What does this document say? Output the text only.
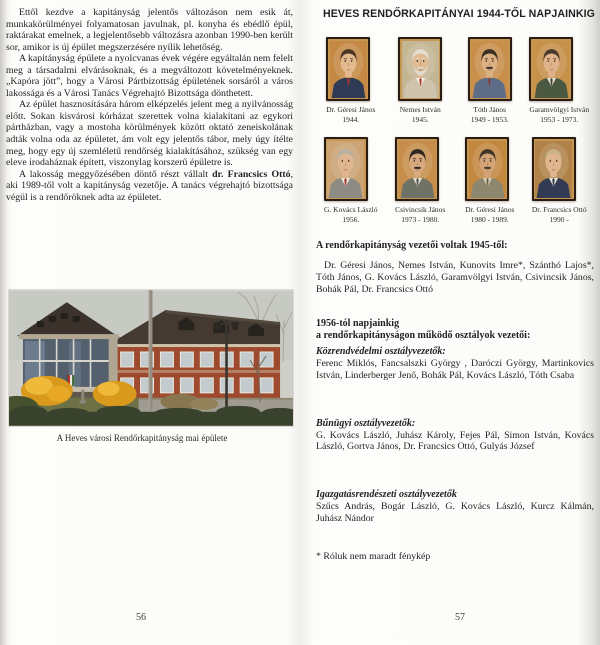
Ettől kezdve a kapitányság jelentős változáson nem esik át, munkakörülményei folyamatosan javulnak, pl. konyha és ebédlő épül, raktárakat emelnek, a legjelentősebb változásra azonban 1990-ben került sor, amikor is új épület megszerzésére nyílik lehetőség.

A kapitányság épülete a nyolcvanas évek végére egyáltalán nem felelt meg a társadalmi elvárásoknak, és a megváltozott követelményeknek. „Kapóra jött”, hogy a Városi Pártbizottság épületének sorsáról a város lakossága és a Városi Tanács Végrehajtó Bizottsága dönthetett.

Az épület hasznosítására három elképzelés jelent meg a nyilvánosság előtt. Sokan kisvárosi kórházat szerettek volna kialakítani az egykori pártházban, vagy a mostoha körülmények között oktató zeneiskolának adták volna oda az épületet, ám volt egy jelentős tábor, mely úgy ítélte meg, hogy egy új szemléletű rendőrség kialakításához, szükség van egy eleve irodaháznak épített, viszonylag korszerű épületre is.

A lakosság meggyőzésében döntő részt vállalt dr. Francsics Ottó, aki 1989-től volt a kapitányság vezetője. A tanács végrehajtó bizottsága végül is a rendőröknek adta az épületet.

A Heves városi Rendőrkapitányság mai épülete
56
HEVES RENDŐRKAPITÁNYAI 1944-TŐL NAPJAINKIG
Dr. Géresi János
1944.
Nemes István
1945.
Tóth János
1949 - 1953.
Garamvölgyi István
1953 - 1973.
G. Kovács László
1956.
Csivincsik János
1973 - 1980.
Dr. Géresi János
1980 - 1989.
Dr. Francsics Ottó
1990 -

A rendőrkapitányság vezetői voltak 1945-től:

Dr. Géresi János, Nemes István, Kunovits Imre*, Szánthó Lajos*, Tóth János, G. Kovács László, Garamvölgyi István, Csivincsik János, Bohák Pál, Dr. Francsics Ottó

1956-tól napjainkig
a rendőrkapitányságon működő osztályok vezetői:

Közrendvédelmi osztályvezetők:

Ferenc Miklós, Fancsalszki György , Daróczi György, Martinkovics István, Linderberger Jenő, Bohák Pál, Kovács László, Tóth Csaba

Bűnügyi osztályvezetők:

G. Kovács László, Juhász Károly, Fejes Pál, Simon István, Kovács László, Gortva János, Dr. Francsics Ottó, Gulyás József

Igazgatásrendészeti osztályvezetők

Szűcs András, Bogár László, G. Kovács László, Kurcz Kálmán, Juhász Nándor

* Róluk nem maradt fénykép

57
